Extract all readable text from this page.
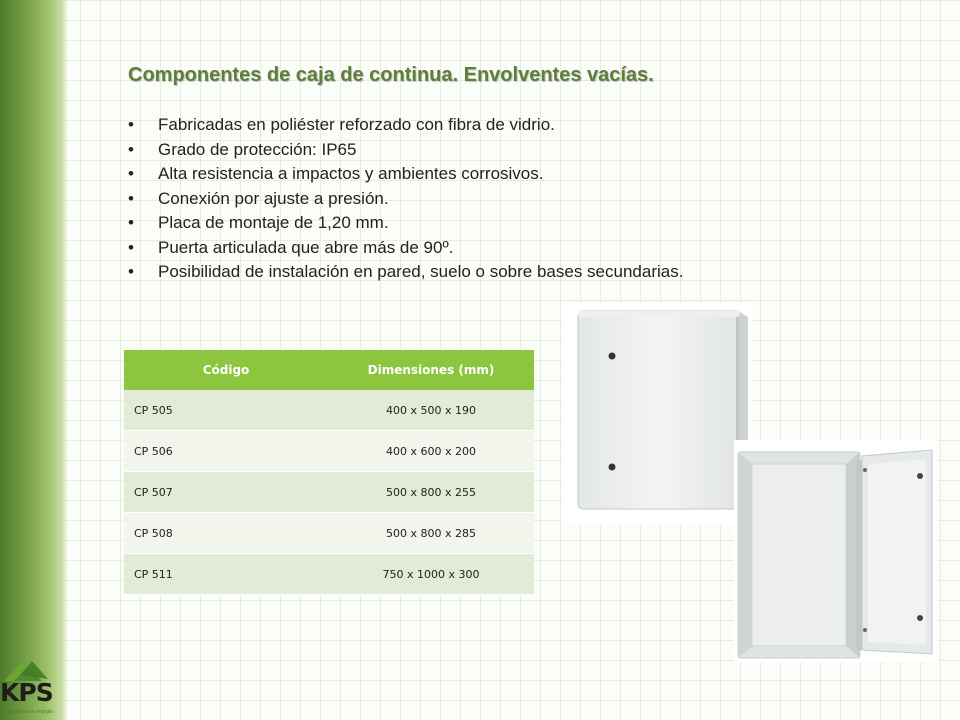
KPS
soluciones en energía
Componentes de caja de continua. Envolventes vacías.
• Fabricadas en poliéster reforzado con fibra de vidrio.
• Grado de protección: IP65
• Alta resistencia a impactos y ambientes corrosivos.
• Conexión por ajuste a presión.
• Placa de montaje de 1,20 mm.
• Puerta articulada que abre más de 90º.
• Posibilidad de instalación en pared, suelo o sobre bases secundarias.
Código	Dimensiones (mm)
CP 505	400 x 500 x 190
CP 506	400 x 600 x 200
CP 507	500 x 800 x 255
CP 508	500 x 800 x 285
CP 511	750 x 1000 x 300
